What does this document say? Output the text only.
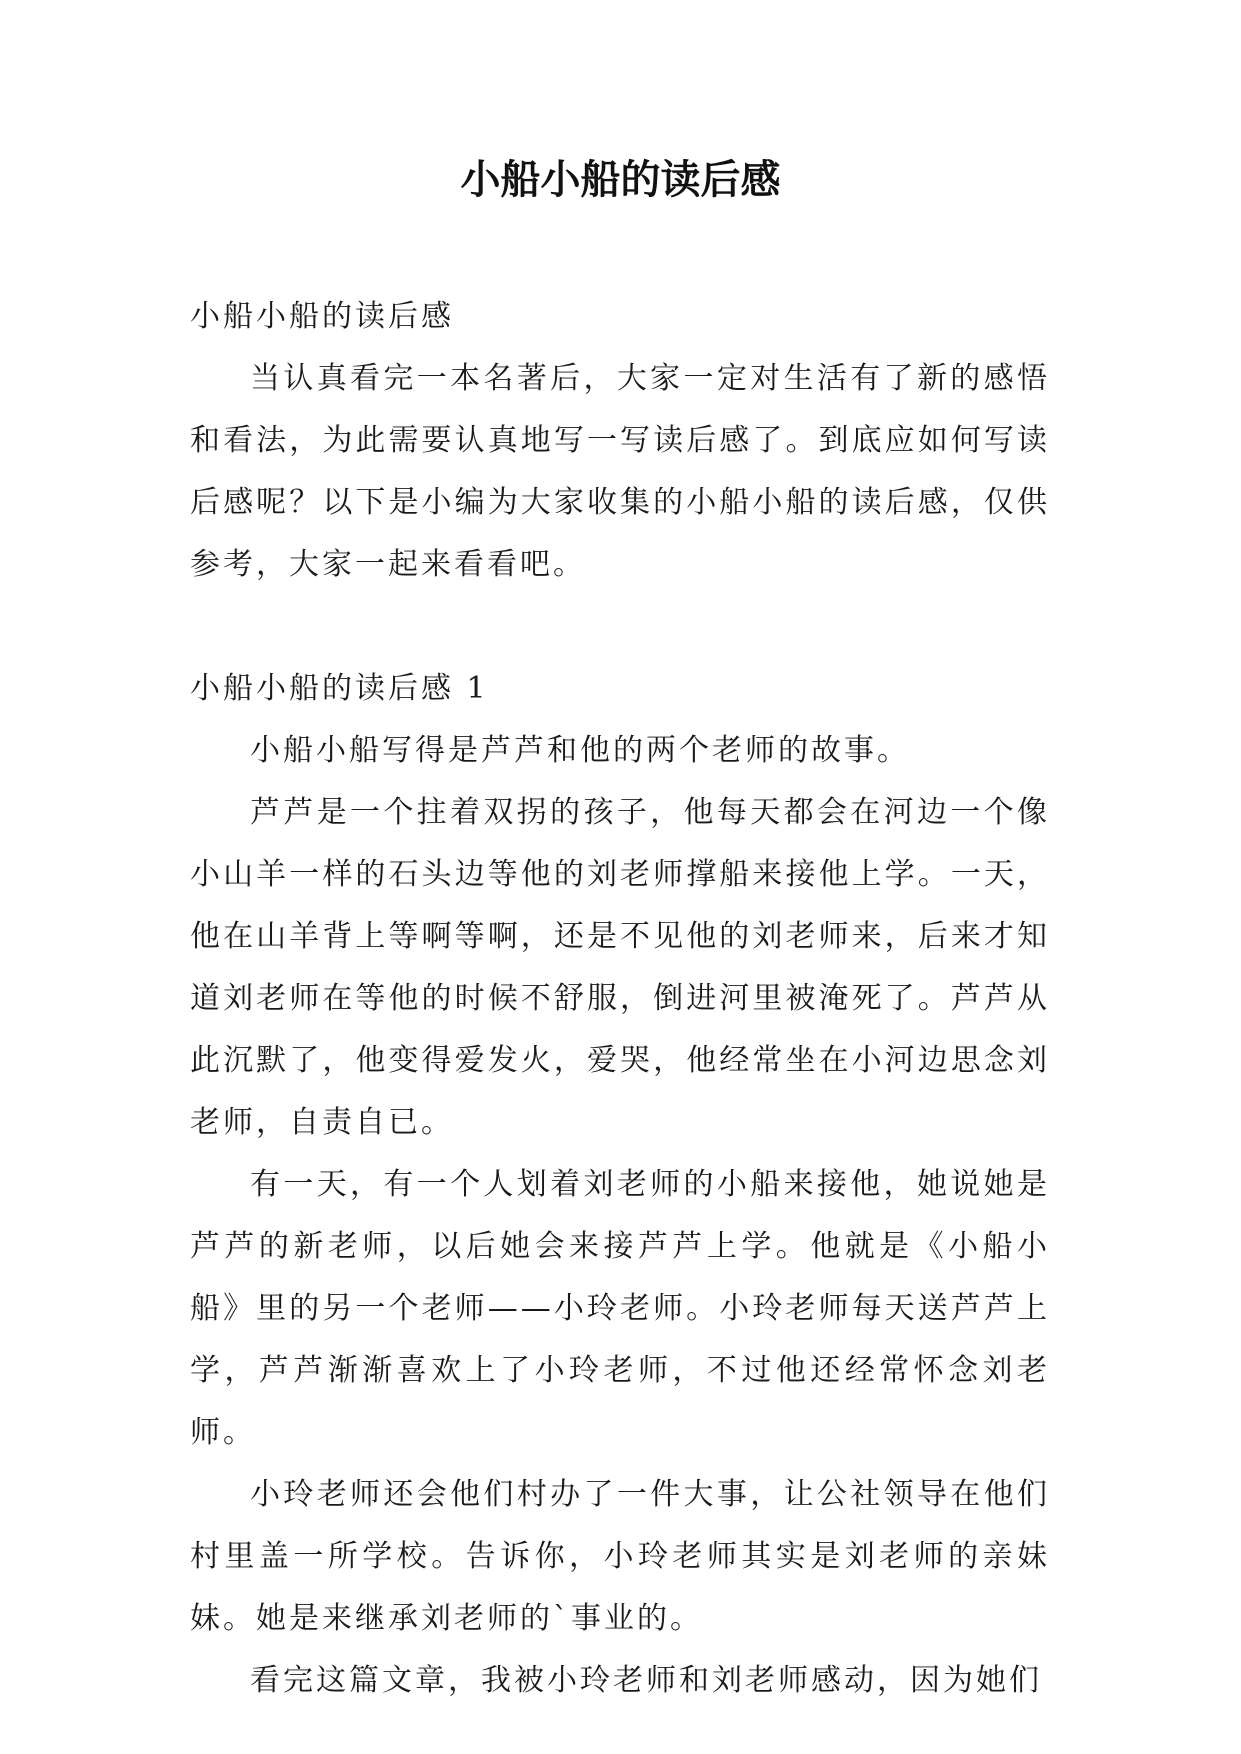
小船小船的读后感

小船小船的读后感

当认真看完一本名著后，大家一定对生活有了新的感悟和看法，为此需要认真地写一写读后感了。到底应如何写读后感呢？以下是小编为大家收集的小船小船的读后感，仅供参考，大家一起来看看吧。

小船小船的读后感 1

小船小船写得是芦芦和他的两个老师的故事。

芦芦是一个拄着双拐的孩子，他每天都会在河边一个像小山羊一样的石头边等他的刘老师撑船来接他上学。一天，他在山羊背上等啊等啊，还是不见他的刘老师来，后来才知道刘老师在等他的时候不舒服，倒进河里被淹死了。芦芦从此沉默了，他变得爱发火，爱哭，他经常坐在小河边思念刘老师，自责自已。

有一天，有一个人划着刘老师的小船来接他，她说她是芦芦的新老师，以后她会来接芦芦上学。他就是《小船小船》里的另一个老师——小玲老师。小玲老师每天送芦芦上学，芦芦渐渐喜欢上了小玲老师，不过他还经常怀念刘老师。

小玲老师还会他们村办了一件大事，让公社领导在他们村里盖一所学校。告诉你，小玲老师其实是刘老师的亲妹妹。她是来继承刘老师的`事业的。

看完这篇文章，我被小玲老师和刘老师感动，因为她们
